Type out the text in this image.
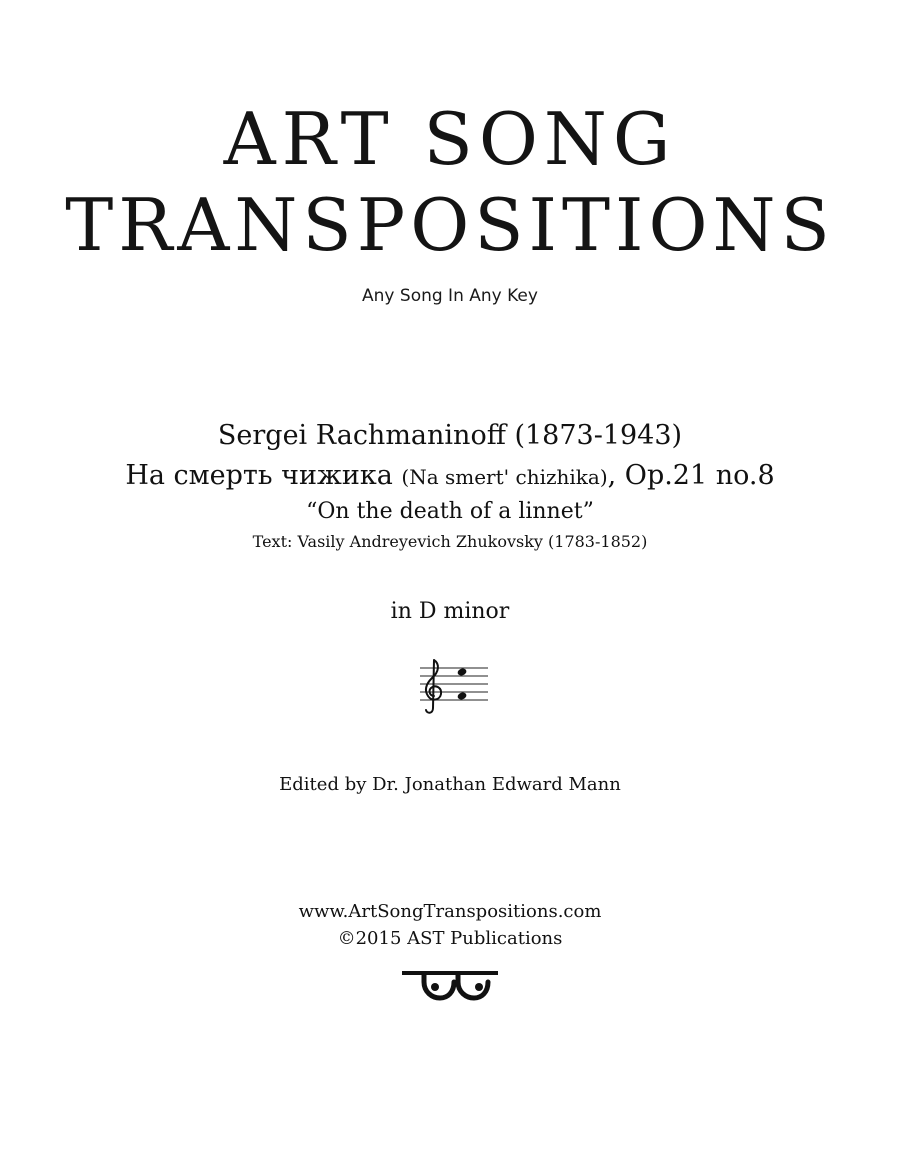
ART SONG
TRANSPOSITIONS
Any Song In Any Key
Sergei Rachmaninoff (1873-1943)
На смерть чижика (Na smert' chizhika), Op.21 no.8
“On the death of a linnet”
Text: Vasily Andreyevich Zhukovsky (1783-1852)
in D minor
Edited by Dr. Jonathan Edward Mann
www.ArtSongTranspositions.com
©2015 AST Publications
